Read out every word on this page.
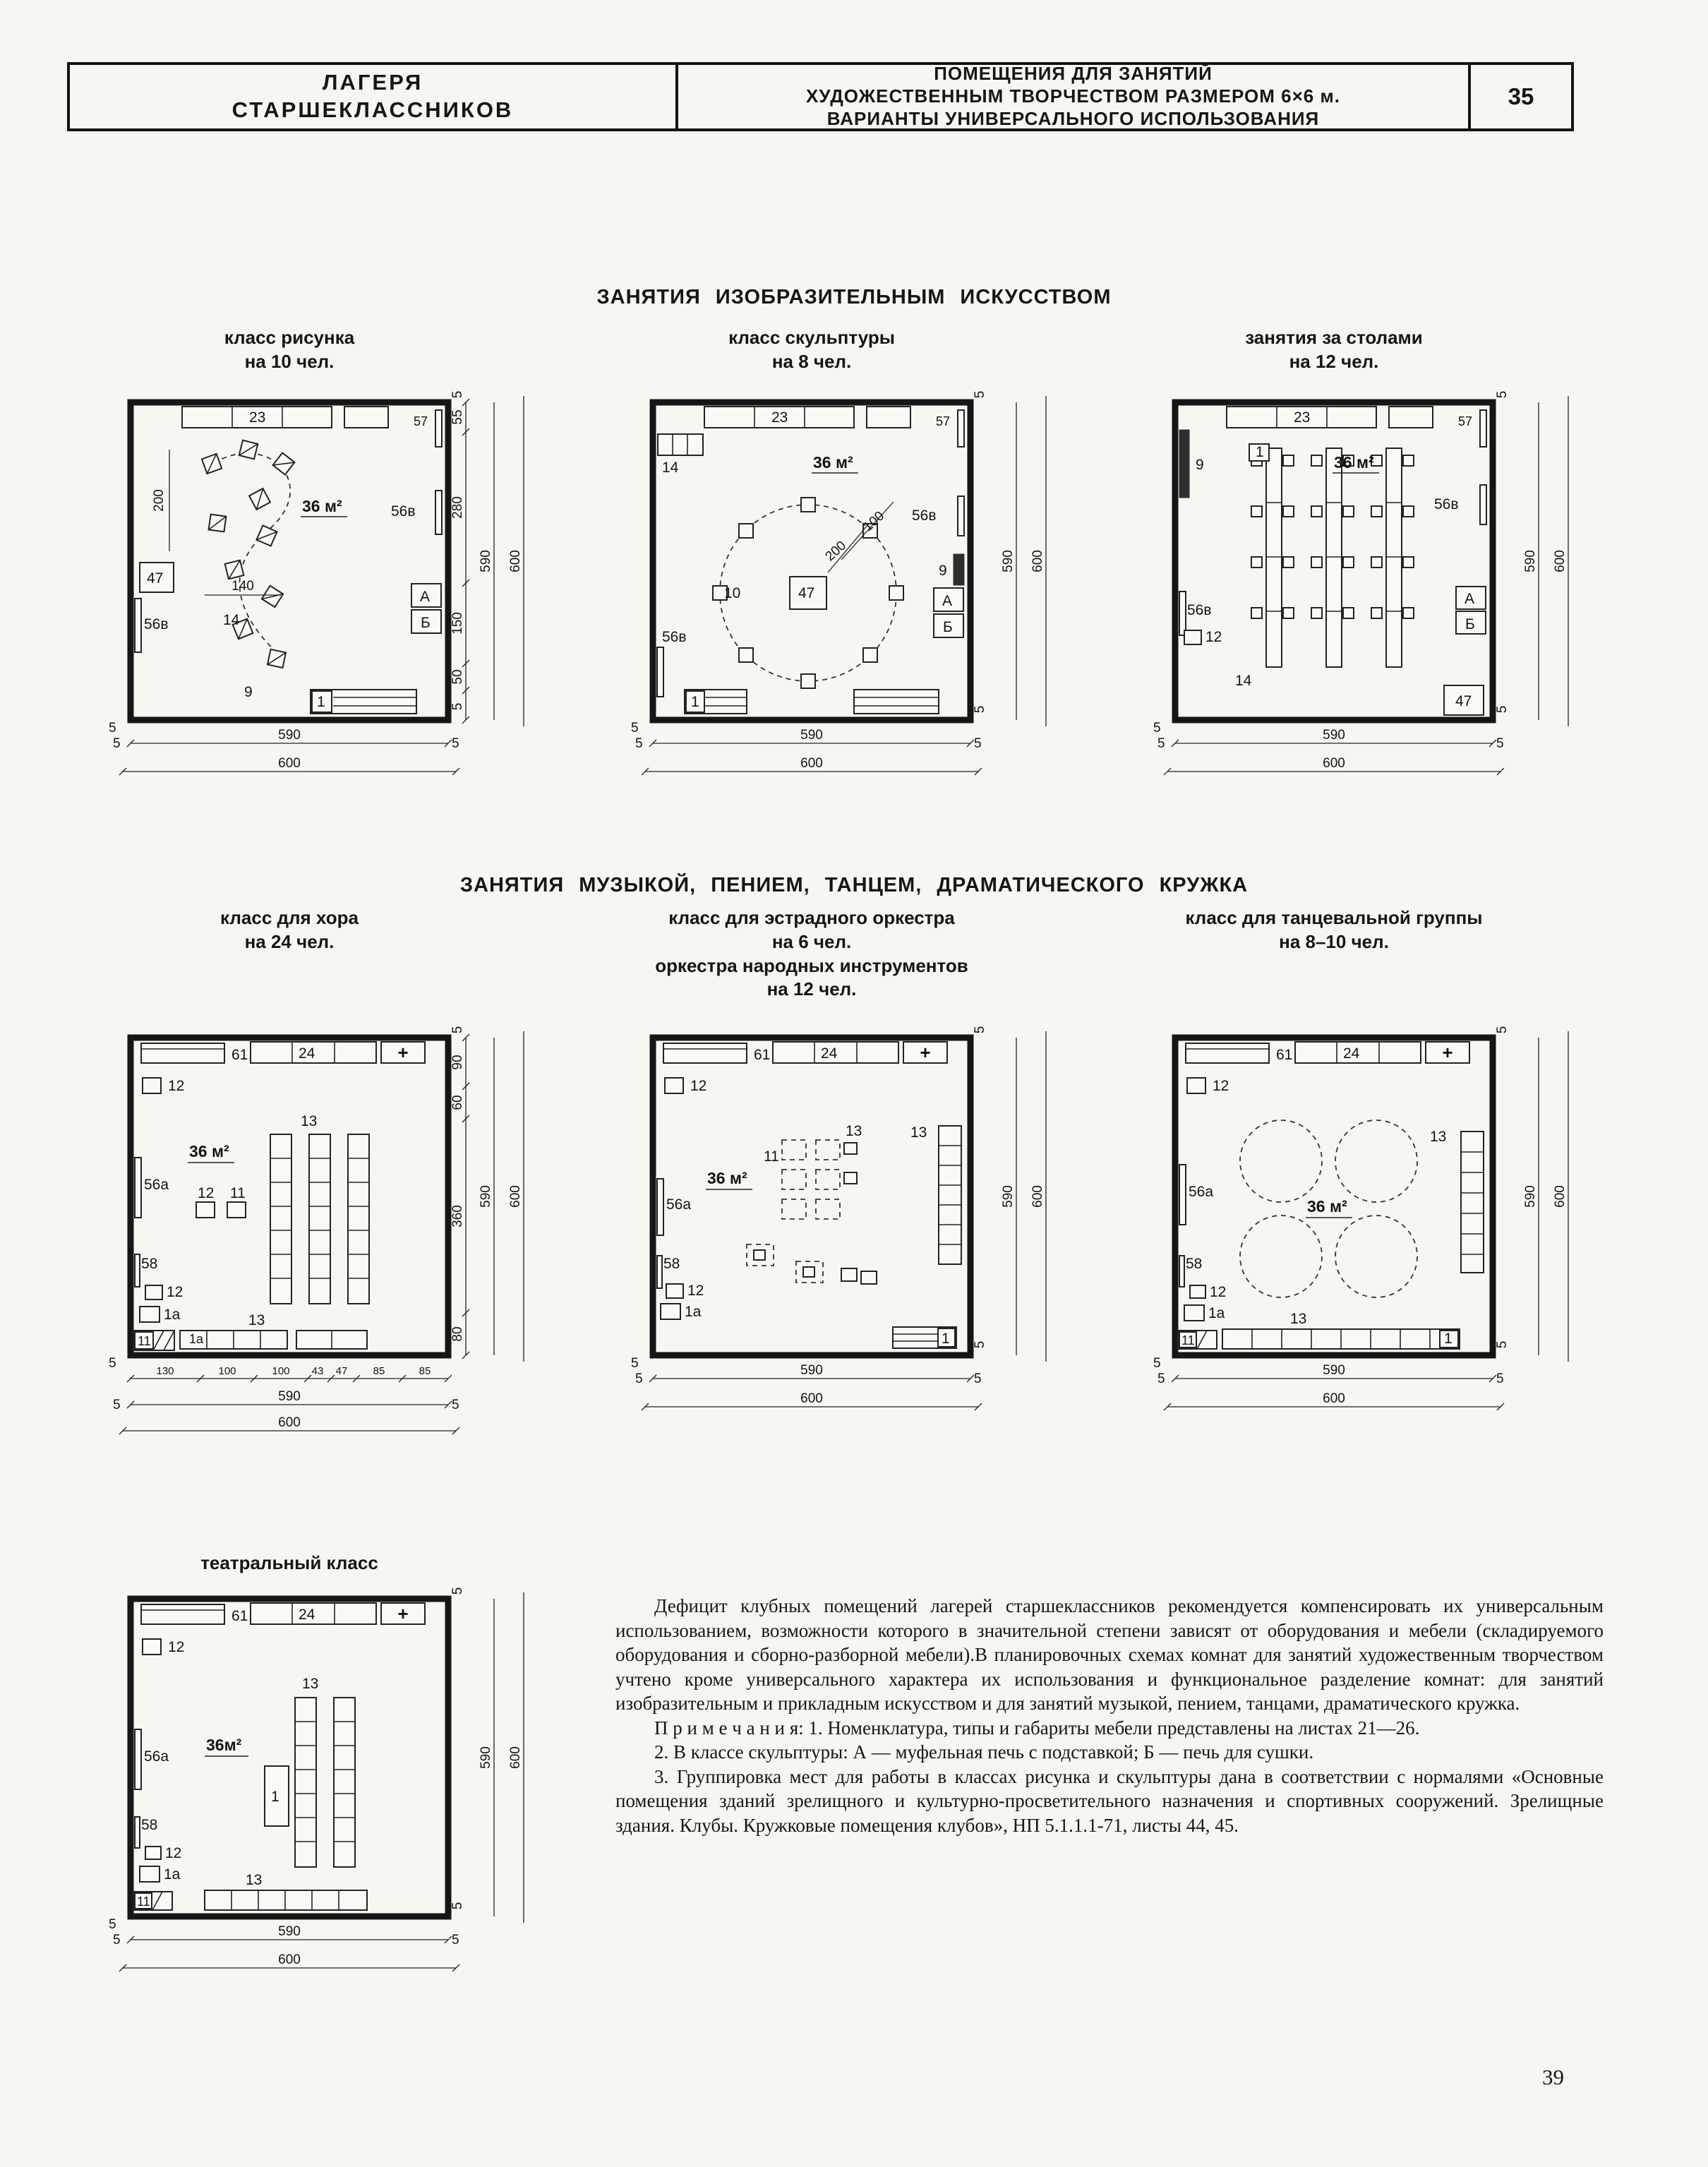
ЛАГЕРЯ
СТАРШЕКЛАССНИКОВ
ПОМЕЩЕНИЯ ДЛЯ ЗАНЯТИЙ
ХУДОЖЕСТВЕННЫМ ТВОРЧЕСТВОМ РАЗМЕРОМ 6×6 м.
ВАРИАНТЫ УНИВЕРСАЛЬНОГО ИСПОЛЬЗОВАНИЯ
35
ЗАНЯТИЯ ИЗОБРАЗИТЕЛЬНЫМ ИСКУССТВОМ
класс рисунка
на 10 чел.
класс скульптуры
на 8 чел.
занятия за столами
на 12 чел.
23	57
56в
56в
47
А
Б
1
14
9
36 м²
200
140
5
55
280
150
50
5
590 600
590
5	5
600
5
23	57
36 м²
14
10	47
9
56в
56в
А
Б
1
200
100
5
5
590 600
590
5	5
600
5
23	57
36 м²
9
1
56в
56в
12
14
47
А
Б
5
5
590 600
590
5	5
600
5
ЗАНЯТИЯ МУЗЫКОЙ, ПЕНИЕМ, ТАНЦЕМ, ДРАМАТИЧЕСКОГО КРУЖКА
класс для хора
на 24 чел.
класс для эстрадного оркестра
на 6 чел.
оркестра народных инструментов
на 12 чел.
класс для танцевальной группы
на 8–10 чел.
61	24	+
12
13
36 м²
12 11
56а
58
12
1а
11
13
1а
5
90
60
360
80
590 600
130	100	100 43 47 85	85
590
5	5
600
5
61	24	+
12
36 м²
56а
11
13	13
58
12
1а
1
5
5
590 600
590
5	5
600
5
61	24	+
12
13
36 м²
56а
58
12
1а
11
13
1
5
5
590 600
590
5	5
600
5
театральный класс
61	24	+
12
13
36м²
1
56а
58
12
1а
11
13
5
5
590 600
590
5	5
600
5

Дефицит клубных помещений лагерей старшеклассников рекомендуется компенсировать их универсальным использованием, возможности которого в значительной степени зависят от оборудования и мебели (складируемого оборудования и сборно-разборной мебели).В планировочных схемах комнат для занятий художественным творчеством учтено кроме универсального характера их использования и функциональное разделение комнат: для занятий изобразительным и прикладным искусством и для занятий музыкой, пением, танцами, драматического кружка.

П р и м е ч а н и я: 1. Номенклатура, типы и габариты мебели представлены на листах 21—26.

2. В классе скульптуры: А — муфельная печь с подставкой; Б — печь для сушки.

3. Группировка мест для работы в классах рисунка и скульптуры дана в соответствии с нормалями «Основные помещения зданий зрелищного и культурно-просветительного назначения и спортивных сооружений. Зрелищные здания. Клубы. Кружковые помещения клубов», НП 5.1.1.1-71, листы 44, 45.

39
